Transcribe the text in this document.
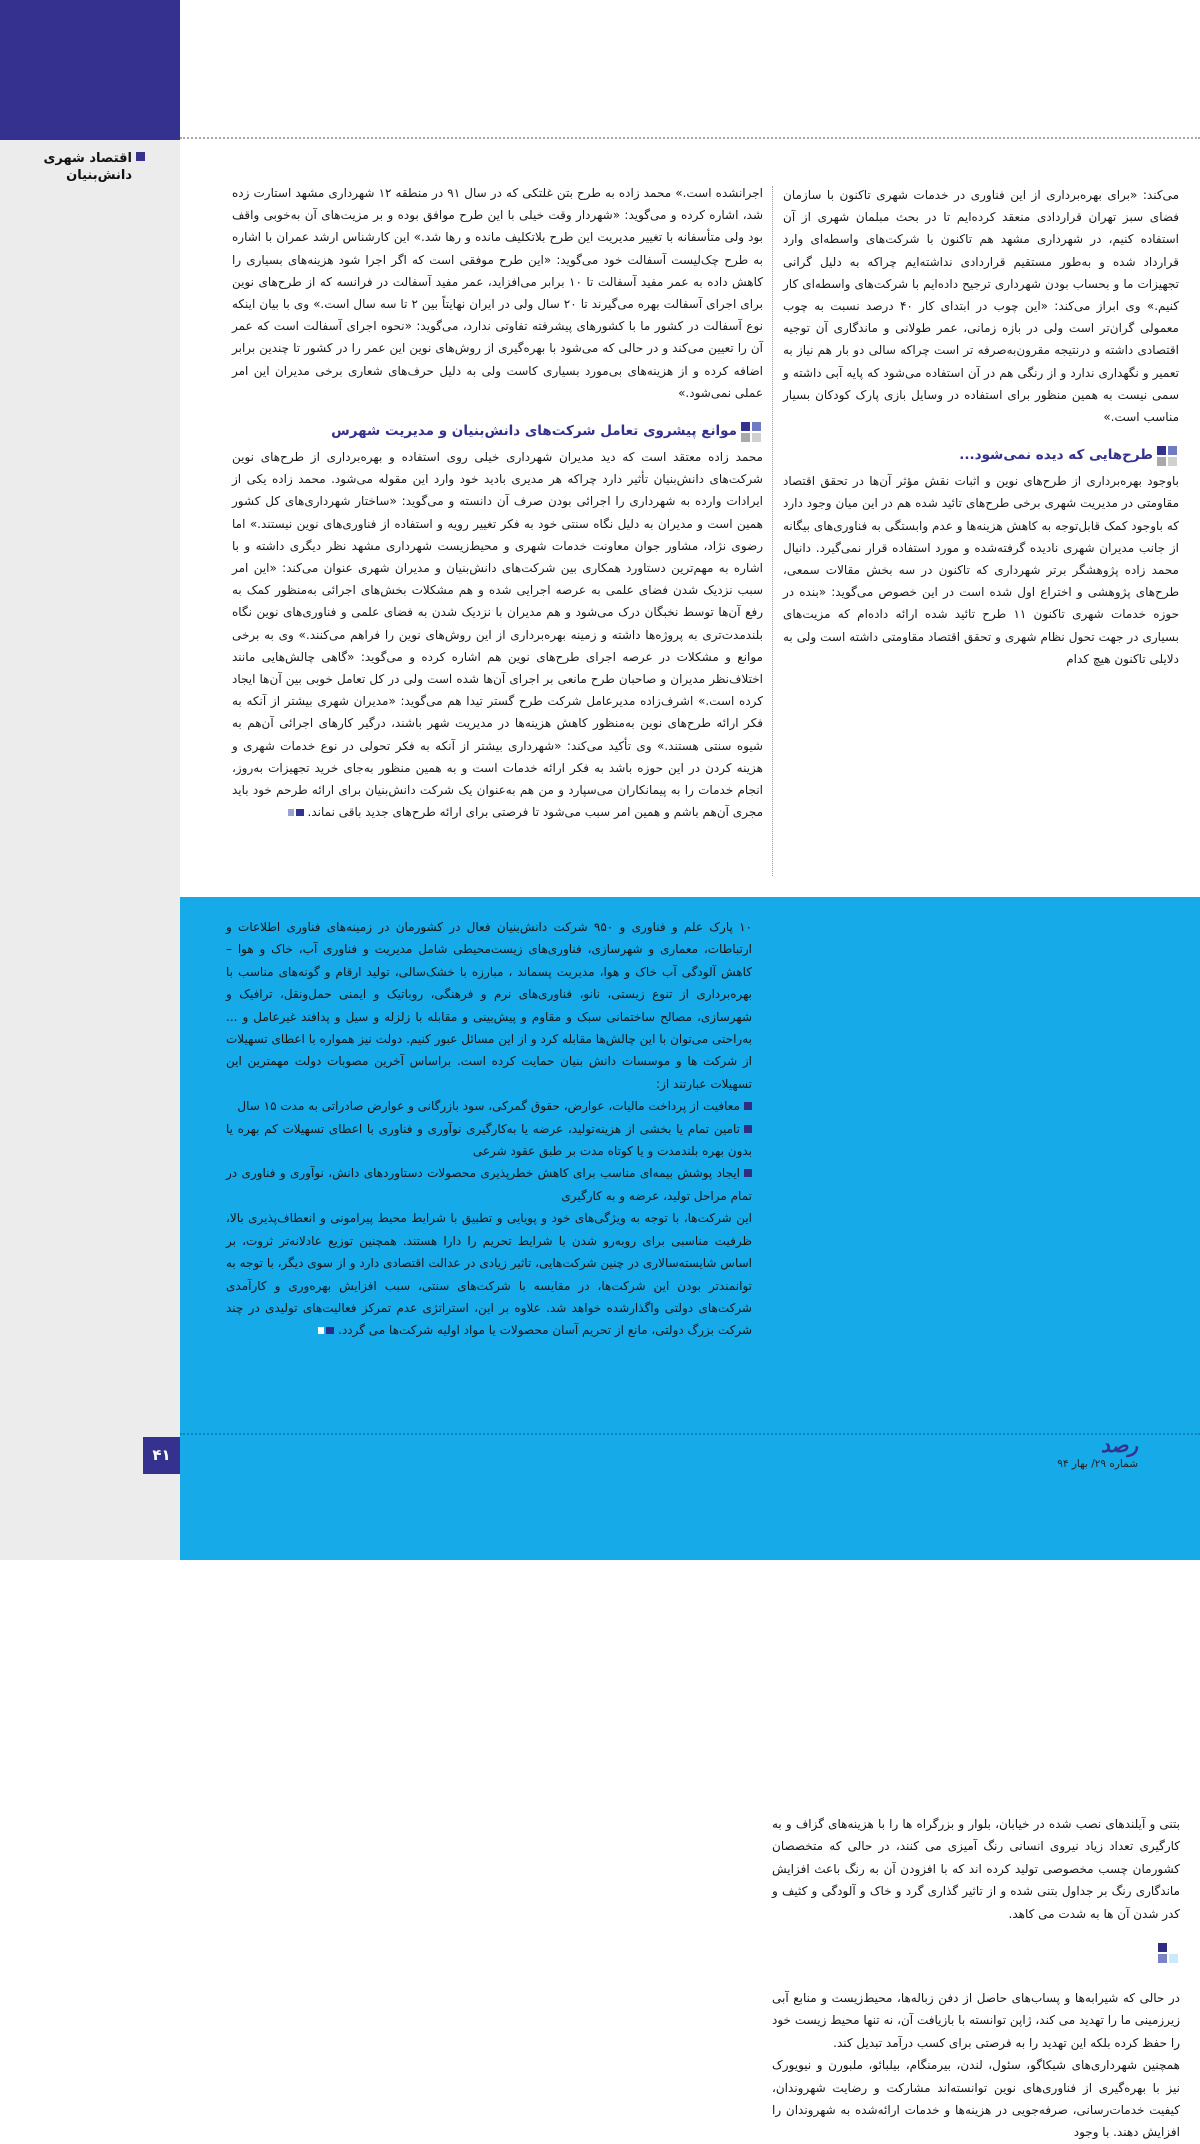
اقتصاد شهری
دانش‌بنیان

می‌کند: «برای بهره‌برداری از این فناوری در خدمات شهری تاکنون با سازمان فضای سبز تهران قراردادی منعقد کرده‌ایم تا در بحث مبلمان شهری از آن استفاده کنیم، در شهرداری مشهد هم تاکنون با شرکت‌های واسطه‌ای وارد قرارداد شده و به‌طور مستقیم قراردادی نداشته‌ایم چراکه به دلیل گرانی تجهیزات ما و بحساب بودن شهرداری ترجیح داده‌ایم با شرکت‌های واسطه‌ای کار کنیم.» وی ابراز می‌کند: «این چوب در ابتدای کار ۴۰ درصد نسبت به چوب معمولی گران‌تر است ولی در بازه زمانی، عمر طولانی و ماندگاری آن توجیه اقتصادی داشته و درنتیجه مقرون‌به‌صرفه تر است چراکه سالی دو بار هم نیاز به تعمیر و نگهداری ندارد و از رنگی هم در آن استفاده می‌شود که پایه آبی داشته و سمی نیست به همین منظور برای استفاده در وسایل بازی پارک کودکان بسیار مناسب است.»

طرح‌هایی که دیده نمی‌شود...

باوجود بهره‌برداری از طرح‌های نوین و اثبات نقش مؤثر آن‌ها در تحقق اقتصاد مقاومتی در مدیریت شهری برخی طرح‌های تائید شده هم در این میان وجود دارد که باوجود کمک قابل‌توجه به کاهش هزینه‌ها و عدم وابستگی به فناوری‌های بیگانه از جانب مدیران شهری نادیده گرفته‌شده و مورد استفاده قرار نمی‌گیرد. دانیال محمد زاده پژوهشگر برتر شهرداری که تاکنون در سه بخش مقالات سمعی، طرح‌های پژوهشی و اختراع اول شده است در این خصوص می‌گوید: «بنده در حوزه خدمات شهری تاکنون ۱۱ طرح تائید شده ارائه داده‌ام که مزیت‌های بسیاری در جهت تحول نظام شهری و تحقق اقتصاد مقاومتی داشته است ولی به دلایلی تاکنون هیچ کدام

اجرانشده است.» محمد زاده به طرح بتن غلتکی که در سال ۹۱ در منطقه ۱۲ شهرداری مشهد استارت زده شد، اشاره کرده و می‌گوید: «شهردار وقت خیلی با این طرح موافق بوده و بر مزیت‌های آن به‌خوبی واقف بود ولی متأسفانه با تغییر مدیریت این طرح بلاتکلیف مانده و رها شد.» این کارشناس ارشد عمران با اشاره به طرح چک‌لیست آسفالت خود می‌گوید: «این طرح موفقی است که اگر اجرا شود هزینه‌های بسیاری را کاهش داده به عمر مفید آسفالت تا ۱۰ برابر می‌افزاید، عمر مفید آسفالت در فرانسه که از طرح‌های نوین برای اجرای آسفالت بهره می‌گیرند تا ۲۰ سال ولی در ایران نهایتاً بین ۲ تا سه سال است.» وی با بیان اینکه نوع آسفالت در کشور ما با کشورهای پیشرفته تفاوتی ندارد، می‌گوید: «نحوه اجرای آسفالت است که عمر آن را تعیین می‌کند و در حالی که می‌شود با بهره‌گیری از روش‌های نوین این عمر را در کشور تا چندین برابر اضافه کرده و از هزینه‌های بی‌مورد بسیاری کاست ولی به دلیل حرف‌های شعاری برخی مدیران این امر عملی نمی‌شود.»

موانع پیشروی تعامل شرکت‌های دانش‌بنیان و مدیریت شهرس

محمد زاده معتقد است که دید مدیران شهرداری خیلی روی استفاده و بهره‌برداری از طرح‌های نوین شرکت‌های دانش‌بنیان تأثیر دارد چراکه هر مدیری بادید خود وارد این مقوله می‌شود. محمد زاده یکی از ایرادات وارده به شهرداری را اجرائی بودن صرف آن دانسته و می‌گوید: «ساختار شهرداری‌های کل کشور همین است و مدیران به دلیل نگاه سنتی خود به فکر تغییر رویه و استفاده از فناوری‌های نوین نیستند.» اما رضوی نژاد، مشاور جوان معاونت خدمات شهری و محیط‌زیست شهرداری مشهد نظر دیگری داشته و با اشاره به مهم‌ترین دستاورد همکاری بین شرکت‌های دانش‌بنیان و مدیران شهری عنوان می‌کند: «این امر سبب نزدیک شدن فضای علمی به عرصه اجرایی شده و هم مشکلات بخش‌های اجرائی به‌منظور کمک به رفع آن‌ها توسط نخبگان درک می‌شود و هم مدیران با نزدیک شدن به فضای علمی و فناوری‌های نوین نگاه بلندمدت‌تری به پروژه‌ها داشته و زمینه بهره‌برداری از این روش‌های نوین را فراهم می‌کنند.» وی به برخی موانع و مشکلات در عرصه اجرای طرح‌های نوین هم اشاره کرده و می‌گوید: «گاهی چالش‌هایی مانند اختلاف‌نظر مدیران و صاحبان طرح مانعی بر اجرای آن‌ها شده است ولی در کل تعامل خوبی بین آن‌ها ایجاد کرده است.» اشرف‌زاده مدیرعامل شرکت طرح گستر تیدا هم می‌گوید: «مدیران شهری بیشتر از آنکه به فکر ارائه طرح‌های نوین به‌منظور کاهش هزینه‌ها در مدیریت شهر باشند، درگیر کارهای اجرائی آن‌هم به شیوه سنتی هستند.» وی تأکید می‌کند: «شهرداری بیشتر از آنکه به فکر تحولی در نوع خدمات شهری و هزینه کردن در این حوزه باشد به فکر ارائه خدمات است و به همین منظور به‌جای خرید تجهیزات به‌روز، انجام خدمات را به پیمانکاران می‌سپارد و من هم به‌عنوان یک شرکت دانش‌بنیان برای ارائه طرحم خود باید مجری آن‌هم باشم و همین امر سبب می‌شود تا فرصتی برای ارائه طرح‌های جدید باقی نماند.

بتنی و آیلندهای نصب شده در خیابان، بلوار و بزرگراه ها را با هزینه‌های گزاف و به کارگیری تعداد زیاد نیروی انسانی رنگ آمیزی می کنند، در حالی که متخصصان کشورمان چسب مخصوصی تولید کرده اند که با افزودن آن به رنگ باعث افزایش ماندگاری رنگ بر جداول بتنی شده و از تاثیر گذاری گرد و خاک و آلودگی و کثیف و کدر شدن آن ها به شدت می کاهد.

نمونه‌های جهانی از دانش‌بنیانی
در مدیریت شهری

در حالی که شیرابه‌ها و پساب‌های حاصل از دفن زباله‌ها، محیط‌زیست و منابع آبی زیرزمینی ما را تهدید می کند، ژاپن توانسته با بازیافت آن، نه تنها محیط زیست خود را حفظ کرده بلکه این تهدید را به فرصتی برای کسب درآمد تبدیل کند.

همچنین شهرداری‌های شیکاگو، سئول، لندن، بیرمنگام، بیلبائو، ملبورن و نیویورک نیز با بهره‌گیری از فناوری‌های نوین توانسته‌اند مشارکت و رضایت شهروندان، کیفیت خدمات‌رسانی، صرفه‌جویی در هزینه‌ها و خدمات ارائه‌شده به شهروندان را افزایش دهند. با وجود

۱۰ پارک علم و فناوری و ۹۵۰ شرکت دانش‌بنیان فعال در کشورمان در زمینه‌های فناوری اطلاعات و ارتباطات، معماری و شهرسازی، فناوری‌های زیست‌محیطی شامل مدیریت و فناوری آب، خاک و هوا – کاهش آلودگی آب خاک و هوا، مدیریت پسماند ، مبارزه با خشک‌سالی، تولید ارقام و گونه‌های مناسب با بهره‌برداری از تنوع زیستی، نانو، فناوری‌های نرم و فرهنگی، روباتیک و ایمنی حمل‌ونقل، ترافیک و شهرسازی، مصالح ساختمانی سبک و مقاوم و پیش‌بینی و مقابله با زلزله و سیل و پدافند غیرعامل و ... به‌راحتی می‌توان با این چالش‌ها مقابله کرد و از این مسائل عبور کنیم. دولت نیز همواره با اعطای تسهیلات از شرکت ها و موسسات دانش بنیان حمایت کرده است. براساس آخرین مصوبات دولت مهمترین این تسهیلات عبارتند از:

معافیت از پرداخت مالیات، عوارض، حقوق گمرکی، سود بازرگانی و عوارض صادراتی به مدت ۱۵ سال

تامین تمام یا بخشی از هزینه‌تولید، عرضه یا به‌کارگیری نوآوری و فناوری با اعطای تسهیلات کم بهره یا بدون بهره بلندمدت و یا کوتاه مدت بر طبق عقود شرعی

ایجاد پوشش بیمه‌ای مناسب برای کاهش خطرپذیری محصولات دستاوردهای دانش، نوآوری و فناوری در تمام مراحل تولید، عرضه و به کارگیری

این شرکت‌ها، با توجه به ویژگی‌های خود و پویایی و تطبیق با شرایط محیط پیرامونی و انعطاف‌پذیری بالا، ظرفیت مناسبی برای روبه‌رو شدن با شرایط تحریم را دارا هستند. همچنین توزیع عادلانه‌تر ثروت، بر اساس شایسته‌سالاری در چنین شرکت‌هایی، تاثیر زیادی در عدالت اقتصادی دارد و از سوی دیگر، با توجه به توانمندتر بودن این شرکت‌ها، در مقایسه با شرکت‌های سنتی، سبب افزایش بهره‌وری و کارآمدی شرکت‌های دولتی واگذارشده خواهد شد. علاوه بر این، استراتژی عدم تمرکز فعالیت‌های تولیدی در چند شرکت بزرگ دولتی، مانع از تحریم آسان محصولات یا مواد اولیه شرکت‌ها می گردد.

۴۱	رصد
شماره ۲۹/ بهار ۹۴
